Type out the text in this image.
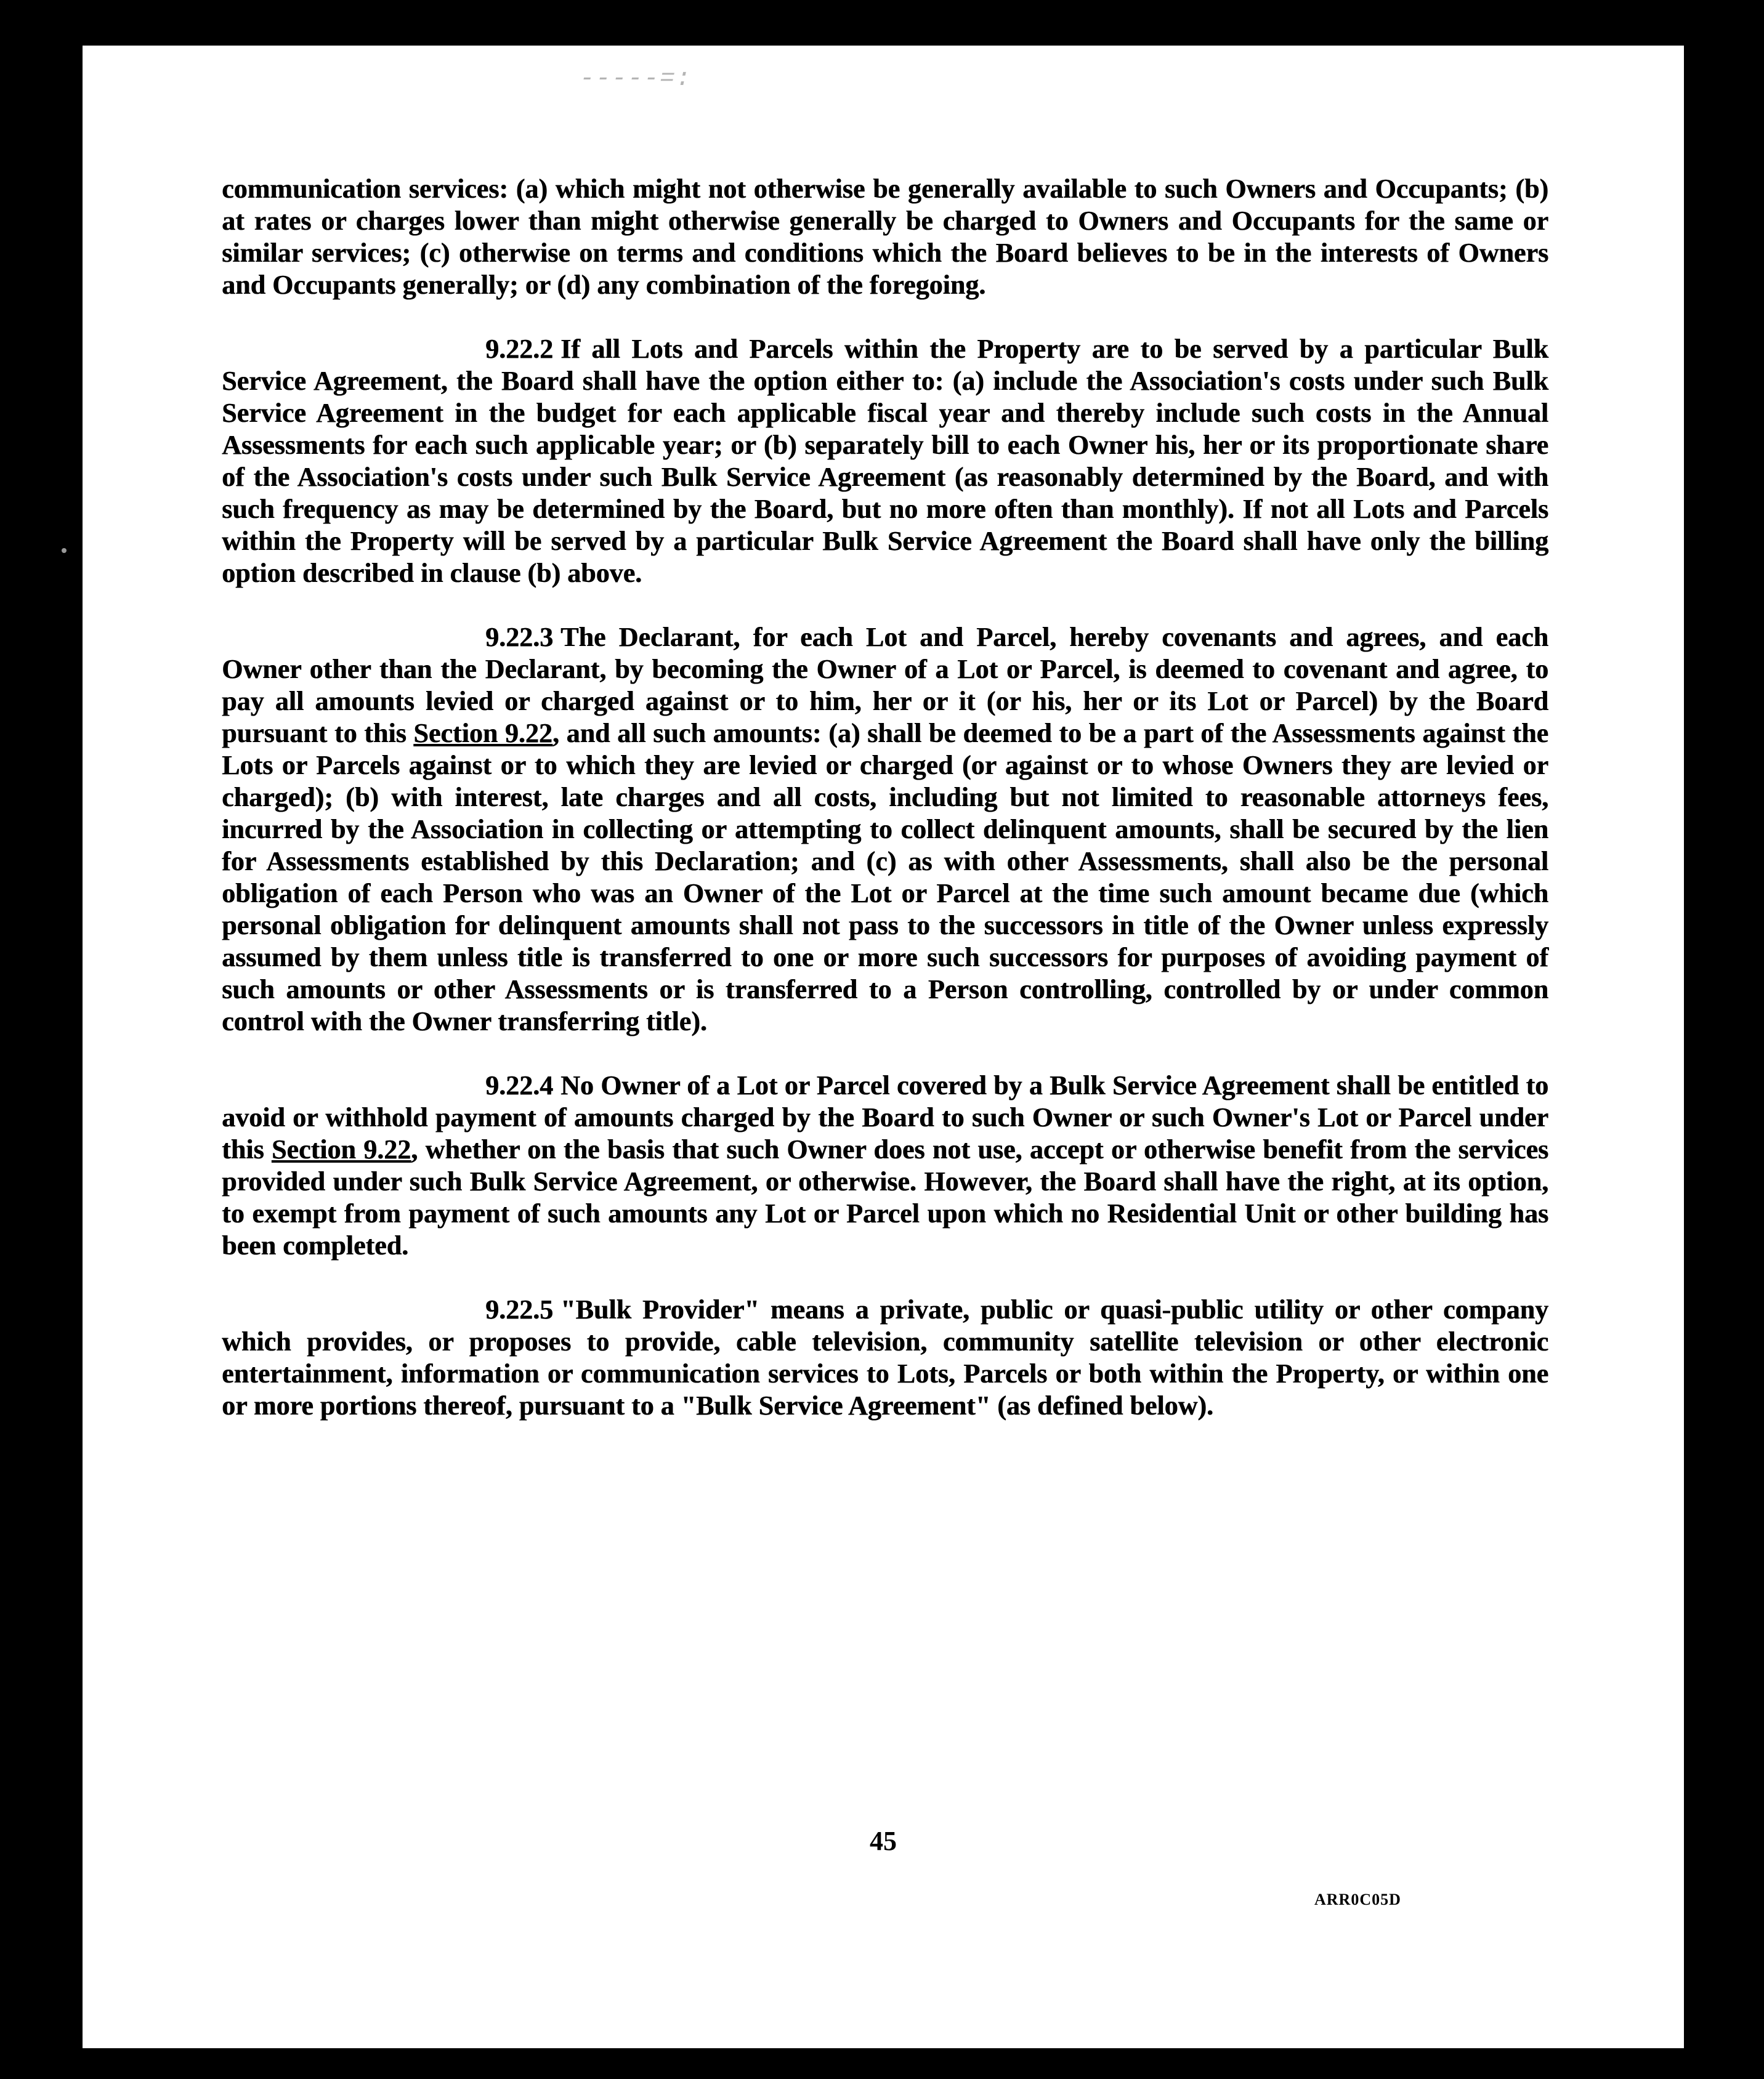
-----=:

communication services: (a) which might not otherwise be generally available to such Owners and Occupants; (b) at rates or charges lower than might otherwise generally be charged to Owners and Occupants for the same or similar services; (c) otherwise on terms and conditions which the Board believes to be in the interests of Owners and Occupants generally; or (d) any combination of the foregoing.

9.22.2 If all Lots and Parcels within the Property are to be served by a particular Bulk Service Agreement, the Board shall have the option either to: (a) include the Association's costs under such Bulk Service Agreement in the budget for each applicable fiscal year and thereby include such costs in the Annual Assessments for each such applicable year; or (b) separately bill to each Owner his, her or its proportionate share of the Association's costs under such Bulk Service Agreement (as reasonably determined by the Board, and with such frequency as may be determined by the Board, but no more often than monthly). If not all Lots and Parcels within the Property will be served by a particular Bulk Service Agreement the Board shall have only the billing option described in clause (b) above.

9.22.3 The Declarant, for each Lot and Parcel, hereby covenants and agrees, and each Owner other than the Declarant, by becoming the Owner of a Lot or Parcel, is deemed to covenant and agree, to pay all amounts levied or charged against or to him, her or it (or his, her or its Lot or Parcel) by the Board pursuant to this Section 9.22, and all such amounts: (a) shall be deemed to be a part of the Assessments against the Lots or Parcels against or to which they are levied or charged (or against or to whose Owners they are levied or charged); (b) with interest, late charges and all costs, including but not limited to reasonable attorneys fees, incurred by the Association in collecting or attempting to collect delinquent amounts, shall be secured by the lien for Assessments established by this Declaration; and (c) as with other Assessments, shall also be the personal obligation of each Person who was an Owner of the Lot or Parcel at the time such amount became due (which personal obligation for delinquent amounts shall not pass to the successors in title of the Owner unless expressly assumed by them unless title is transferred to one or more such successors for purposes of avoiding payment of such amounts or other Assessments or is transferred to a Person controlling, controlled by or under common control with the Owner transferring title).

9.22.4 No Owner of a Lot or Parcel covered by a Bulk Service Agreement shall be entitled to avoid or withhold payment of amounts charged by the Board to such Owner or such Owner's Lot or Parcel under this Section 9.22, whether on the basis that such Owner does not use, accept or otherwise benefit from the services provided under such Bulk Service Agreement, or otherwise. However, the Board shall have the right, at its option, to exempt from payment of such amounts any Lot or Parcel upon which no Residential Unit or other building has been completed.

9.22.5 "Bulk Provider" means a private, public or quasi-public utility or other company which provides, or proposes to provide, cable television, community satellite television or other electronic entertainment, information or communication services to Lots, Parcels or both within the Property, or within one or more portions thereof, pursuant to a "Bulk Service Agreement" (as defined below).

45
ARR0C05D
